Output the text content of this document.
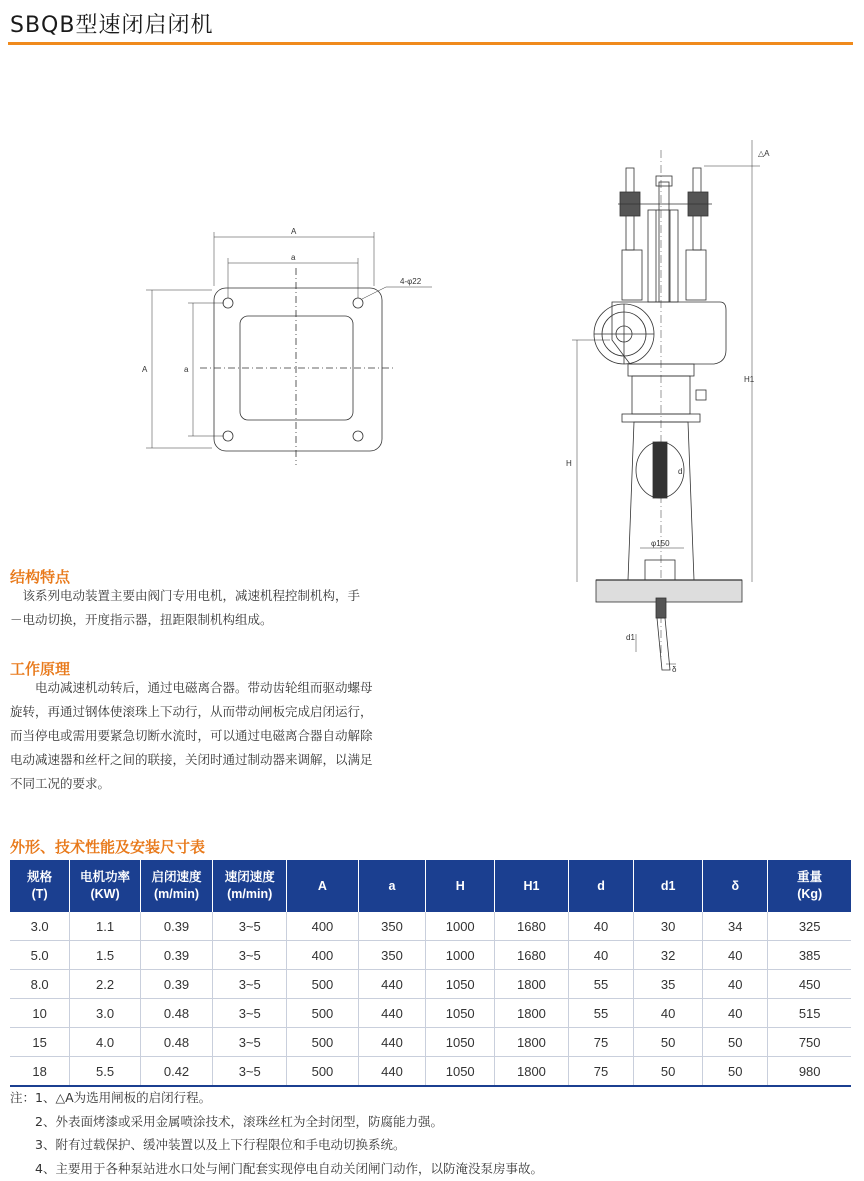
SBQB型速闭启闭机
A
a
A	a
4-φ22
△A
H1
H
d
φ150
d1
δ
结构特点

　该系列电动装置主要由阀门专用电机，减速机程控制机构，手

－电动切换，开度指示器，扭距限制机构组成。

工作原理

　　电动减速机动转后，通过电磁离合器。带动齿轮组而驱动螺母

旋转，再通过钢体使滚珠上下动行，从而带动闸板完成启闭运行，

而当停电或需用要紧急切断水流时，可以通过电磁离合器自动解除

电动减速器和丝杆之间的联接，关闭时通过制动器来调解，以满足

不同工况的要求。

外形、技术性能及安装尺寸表
规格
(T)	电机功率
(KW)	启闭速度
(m/min)	速闭速度
(m/min)	A	a	H	H1	d	d1	δ	重量
(Kg)
3.0	1.1	0.39	3~5	400	350	1000	1680	40	30	34	325
5.0	1.5	0.39	3~5	400	350	1000	1680	40	32	40	385
8.0	2.2	0.39	3~5	500	440	1050	1800	55	35	40	450
10	3.0	0.48	3~5	500	440	1050	1800	55	40	40	515
15	4.0	0.48	3~5	500	440	1050	1800	75	50	50	750
18	5.5	0.42	3~5	500	440	1050	1800	75	50	50	980
注：1、△A为选用闸板的启闭行程。
　　2、外表面烤漆或采用金属喷涂技术，滚珠丝杠为全封闭型，防腐能力强。
　　3、附有过载保护、缓冲装置以及上下行程限位和手电动切换系统。
　　4、主要用于各种泵站进水口处与闸门配套实现停电自动关闭闸门动作，以防淹没泵房事故。
